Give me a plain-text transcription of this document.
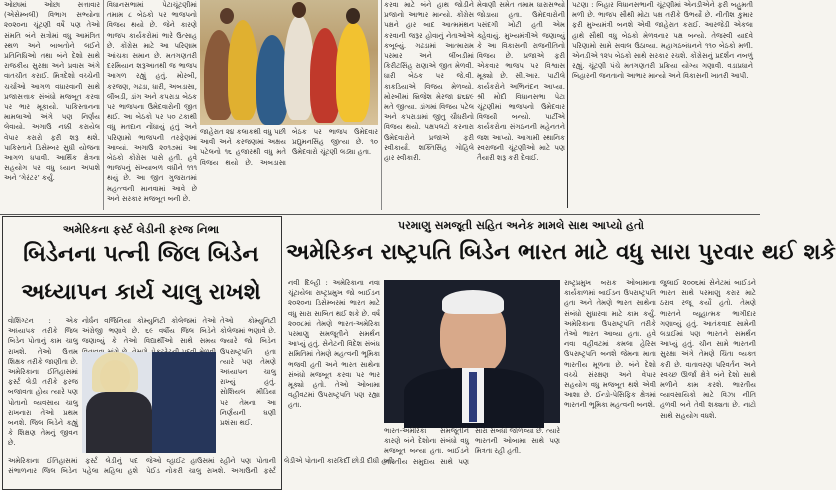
ઓછામાં ઓછા સત્તાવાર (એસેમ્બલી) વિભાગ સભ્યોના ૨૦૨૦ના ચૂંટણી વર્ષે પણ તેઓ સંમતિ બંને સત્રોમાં વધુ આમંત્રિત સ્થળ અને બાબતોને લઈને પ્રતિનિધિઓ તથા બંને દેશો સાથે રાજકીય સુરક્ષા અને પ્રવાસ અંગે વાતચીત કરાઈ. મિત્રદેશો વચ્ચેની ચર્ચાઓ આગળ વધારવાની સાથે પ્રજાસત્તાક સંબંધો મજબૂત કરવા પર ભાર મૂકાયો. પાકિસ્તાનના મામલાઓ અંગે પણ નિર્ણય લેવાયો. અગાઉ નક્કી કરાયેલ વેપાર કરારો ફરી શરૂ થશે. પાકિસ્તાને ડિસેમ્બર સુધી યોજના આગળ ધપાવી. આર્થિક ક્ષેત્રના સહયોગ પર વધુ ધ્યાન અપાશે અને ‘ગેરંટર’ કર્યું.

વિધાનસભામાં પેટાચૂંટણીમાં તમામ ૮ બેઠકો પર ભાજપનો વિજય થયો છે. જેને કારણે ભાજપ કાર્યકરોમાં ભારે ઉત્સાહ છે. કોંગ્રેસ માટે આ પરિણામ આંચકા સમાન છે. મતગણતરી દરમિયાન શરૂઆતથી જ ભાજપ આગળ રહ્યું હતું. મોરબી, કરજણ, ગઢડા, ધારી, અબડાસા, લીંબડી, ડાંગ અને કપરાડા બેઠક પર ભાજપના ઉમેદવારોની જીત થઈ. આ બેઠકો પર ૫૦ ટકાથી વધુ મતદાન નોંધાયું હતું અને પરિણામો ભાજપની તરફેણમાં આવ્યાં. અગાઉ ૨૦૧૭માં આ બેઠકો કોંગ્રેસ પાસે હતી. હવે ભાજપનું સંખ્યાબળ વધીને ૧૧૧ થયું છે. આ જીત ગુજરાતમાં મહત્ત્વની માનવામાં આવે છે અને સરકાર મજબૂત બની છે.

જાહેરાત ૨૪ કલાકથી વધુ પછી આવી અને કરજણમાં અક્ષય પટેલનો ૧૬ હજારથી વધુ મતે વિજય થયો છે. અબડાસા બેઠક પર ભાજપ ઉમેદવાર પ્રદ્યુમનસિંહ જીત્યા છે. ૧૦ ઉમેદવારો ચૂંટણી લડ્યા હતા.

કરવા માટે બંને હાથ જોડીને પ્રજાનો આભાર માન્યો. કોંગ્રેસ પક્ષને હાર બાદ આત્મમંથન કરવાની જરૂર હોવાનું નેતાઓએ કબૂલ્યું. ગઢડામાં આત્મારામ પરમાર અને લીંબડીમાં કિરીટસિંહ રાણાએ જીત મેળવી. ધારી બેઠક પર જે.વી. કાકડિયાએ વિજય મેળવ્યો. મોરબીમાં બ્રિજેશ મેરજા ૪૬૪૯ મતે જીત્યા. ડાંગમાં વિજય પટેલ અને કપરાડામાં જીતુ ચૌધરીનો વિજય થયો. પક્ષપલટો કરનારા ઉમેદવારોને પ્રજાએ ફરી સ્વીકાર્યા. શક્તિસિંહ ગોહિલે હાર સ્વીકારી.

મેવાણી સમેત તમામ ધારાસભ્યો જોડાયા હતા. ઉમેદવારોની પસંદગી ખોટી હતી એમ ક્હેવાયું. મુખ્યમંત્રીએ જણાવ્યું કે આ વિકાસની રાજનીતિનો વિજય છે. પ્રજાએ ફરી એકવાર ભાજપ પર વિશ્વાસ મૂક્યો છે. સી.આર. પાટીલે કાર્યકરોને અભિનંદન આપ્યા. શ્રી મોદી વિધાનસભા પેટા ચૂંટણીમાં ભાજપનો ઉમેદવાર વિજયી બન્યો. પાર્ટીએ કાર્યકરોના સંગઠનની મહેનતને જશ આપ્યો. આગામી સ્થાનિક સ્વરાજની ચૂંટણીઓ માટે પણ તૈયારી શરૂ કરી દેવાઈ.

પટણા : બિહાર વિધાનસભાની ચૂંટણીમાં એનડીએને ફરી બહુમતી મળી છે. ભાજપ સૌથી મોટા પક્ષ તરીકે ઉભર્યો છે. નીતીશ કુમાર ફરી મુખ્યમંત્રી બનશે એવી જાહેરાત કરાઈ. આરજેડી એકલા હાથે સૌથી વધુ બેઠકો મેળવનાર પક્ષ બન્યો. તેજસ્વી યાદવે પરિણામો સામે સવાલ ઉઠાવ્યા. મહાગઠબંધનને ૧૧૦ બેઠકો મળી. એનડીએ ૧૨૫ બેઠકો સાથે સરકાર રચશે. કોંગ્રેસનું પ્રદર્શન નબળું રહ્યું. ચૂંટણી પંચે મતગણતરી પ્રક્રિયા યોગ્ય ગણાવી. વડાપ્રધાને બિહારની જનતાનો આભાર માન્યો અને વિકાસની ખાતરી આપી.

અમેરિકના ફર્સ્ટ લેડીની ફરજ નિભા
બિડેનના પત્ની જિલ બિડેન
અધ્યાપન કાર્ય ચાલુ રાખશે

વોશિંગ્ટન : એક અધ્યાપક તરીકે જિલ બિડેન પોતાનું કામ ચાલુ રાખશે. તેઓ ઉત્તમ શિક્ષક તરીકે જાણીતા છે. અમેરિકાના ઈતિહાસમાં ફર્સ્ટ લેડી તરીકે ફરજ બજાવતા હોય ત્યારે પણ પોતાનો વ્યવસાય ચાલુ રાખનારા તેઓ પ્રથમ બનશે. જિલ બિડેને કહ્યું કે શિક્ષણ તેમનું જીવન છે.

નોર્ધન વર્જિનિયા કોમ્યુનિટી કોલેજમાં તેઓ અંગ્રેજી ભણાવે છે. ૬૯ વર્ષીય જિલ બિડેને જણાવ્યું કે તેઓ વિદ્યાર્થીઓ સાથે સમય

તેઓ કોમ્યુનિટી કોલેજમાં ભણાવે છે. જ્યારે જો બિડેન ઉપરાષ્ટ્રપતિ હતા ત્યારે પણ તેમણે અધ્યાપન ચાલુ રાખ્યું હતું. સોશિયલ મીડિયા પર તેમના આ નિર્ણયની ઘણી પ્રશંસા થઈ.

અમેરિકાના ઈતિહાસમાં ફર્સ્ટ લેડીનું પદ સંભાળનાર જિલ બિડેન પહેલા મહિલા હશે જેઓ વ્હાઈટ હાઉસમાં રહીને પણ પોતાની પેઈડ નોકરી ચાલુ રાખશે. અગાઉની ફર્સ્ટ લેડીએ પોતાની કારકિર્દી છોડી દીધી હતી.

પરમાણુ સમજૂતી સહિત અનેક મામલે સાથ આપ્યો હતો
અમેરિકન રાષ્ટ્રપતિ બિડેન ભારત માટે વધુ સારા પુરવાર થઈ શકે

નવી દિલ્હી : અમેરિકાના નવા ચૂંટાયેલા રાષ્ટ્રપ્રમુખ જો બાઈડન ૨૦૨૦ના ડિસેમ્બરમાં ભારત માટે વધુ સારા સાબિત થઈ શકે છે. વર્ષ ૨૦૦૮માં તેમણે ભારત-અમેરિકા પરમાણુ સમજૂતીને સમર્થન આપ્યું હતું. સેનેટની વિદેશ સંબંધ સમિતિમાં તેમણે મહત્વની ભૂમિકા ભજવી હતી અને ભારત સાથેના સંબંધો મજબૂત કરવા પર ભાર મૂક્યો હતો. તેઓ ઓબામા વહીવટમાં ઉપરાષ્ટ્રપતિ પણ રહ્યા હતા.

ભારત-અમેરિકા સમજૂતીને કારણે બંને દેશોના સંબંધો વધુ મજબૂત બન્યા હતા. બાઈડને ભારતીય સમુદાય સાથે પણ સારા સંબંધો જાળવ્યા છે. ત્યારે ભારતની ઓબામા સાથે પણ મિત્રતા રહી હતી.

રાષ્ટ્રપ્રમુખ બરાક ઓબામાના કાર્યકાળમાં બાઈડન ઉપરાષ્ટ્રપતિ હતા અને તેમણે ભારત સાથેના સંબંધો સુધારવા માટે કામ કર્યું. અમેરિકાના ઉપરાષ્ટ્રપતિ તરીકે તેઓ ભારત આવ્યા હતા. હવે નવા વહીવટમાં કમલા હેરિસ ઉપરાષ્ટ્રપતિ બનશે જેમના માતા ભારતીય મૂળના છે. બંને દેશો વચ્ચે સંરક્ષણ અને વેપાર સહયોગ વધુ મજબૂત થશે એવી આશા છે. ઈન્ડો-પેસિફિક ક્ષેત્રમાં ભારતની ભૂમિકા મહત્વની બનશે.

જુલાઈ ૨૦૦૬માં સેનેટમાં બાઈડને ભારત સાથે પરમાણુ કરાર માટે ઠરાવ રજૂ કર્યો હતો. તેમણે ભારતને વ્યૂહાત્મક ભાગીદાર ગણાવ્યું હતું. આતંકવાદ સામેની લડાઈમાં પણ ભારતને સમર્થન આપ્યું હતું. ચીન સામે ભારતની સુરક્ષા અંગે તેમણે ચિંતા વ્યક્ત કરી છે. વાતાવરણ પરિવર્તન અને સ્વચ્છ ઊર્જા ક્ષેત્રે બંને દેશો સાથે મળીને કામ કરશે. ભારતીય વ્યાવસાયિકો માટે વિઝા નીતિ હળવી બને તેવી શક્યતા છે. નાટો સાથે સહયોગ વધશે.
